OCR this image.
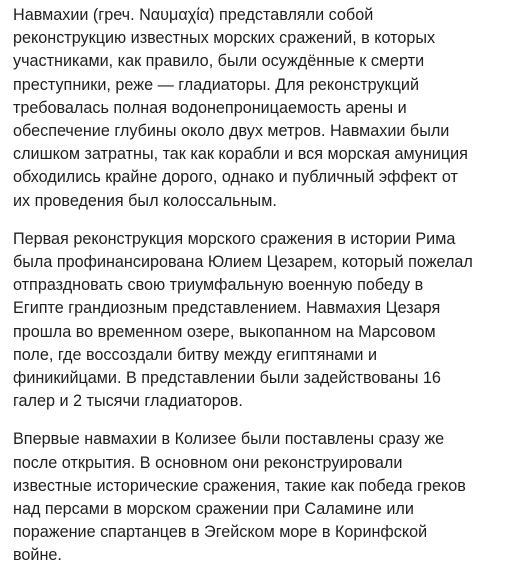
Навмахии (греч. Ναυμαχία) представляли собой
реконструкцию известных морских сражений, в которых
участниками, как правило, были осуждённые к смерти
преступники, реже — гладиаторы. Для реконструкций
требовалась полная водонепроницаемость арены и
обеспечение глубины около двух метров. Навмахии были
слишком затратны, так как корабли и вся морская амуниция
обходились крайне дорого, однако и публичный эффект от
их проведения был колоссальным.

Первая реконструкция морского сражения в истории Рима
была профинансирована Юлием Цезарем, который пожелал
отпраздновать свою триумфальную военную победу в
Египте грандиозным представлением. Навмахия Цезаря
прошла во временном озере, выкопанном на Марсовом
поле, где воссоздали битву между египтянами и
финикийцами. В представлении были задействованы 16
галер и 2 тысячи гладиаторов.

Впервые навмахии в Колизее были поставлены сразу же
после открытия. В основном они реконструировали
известные исторические сражения, такие как победа греков
над персами в морском сражении при Саламине или
поражение спартанцев в Эгейском море в Коринфской
войне.
